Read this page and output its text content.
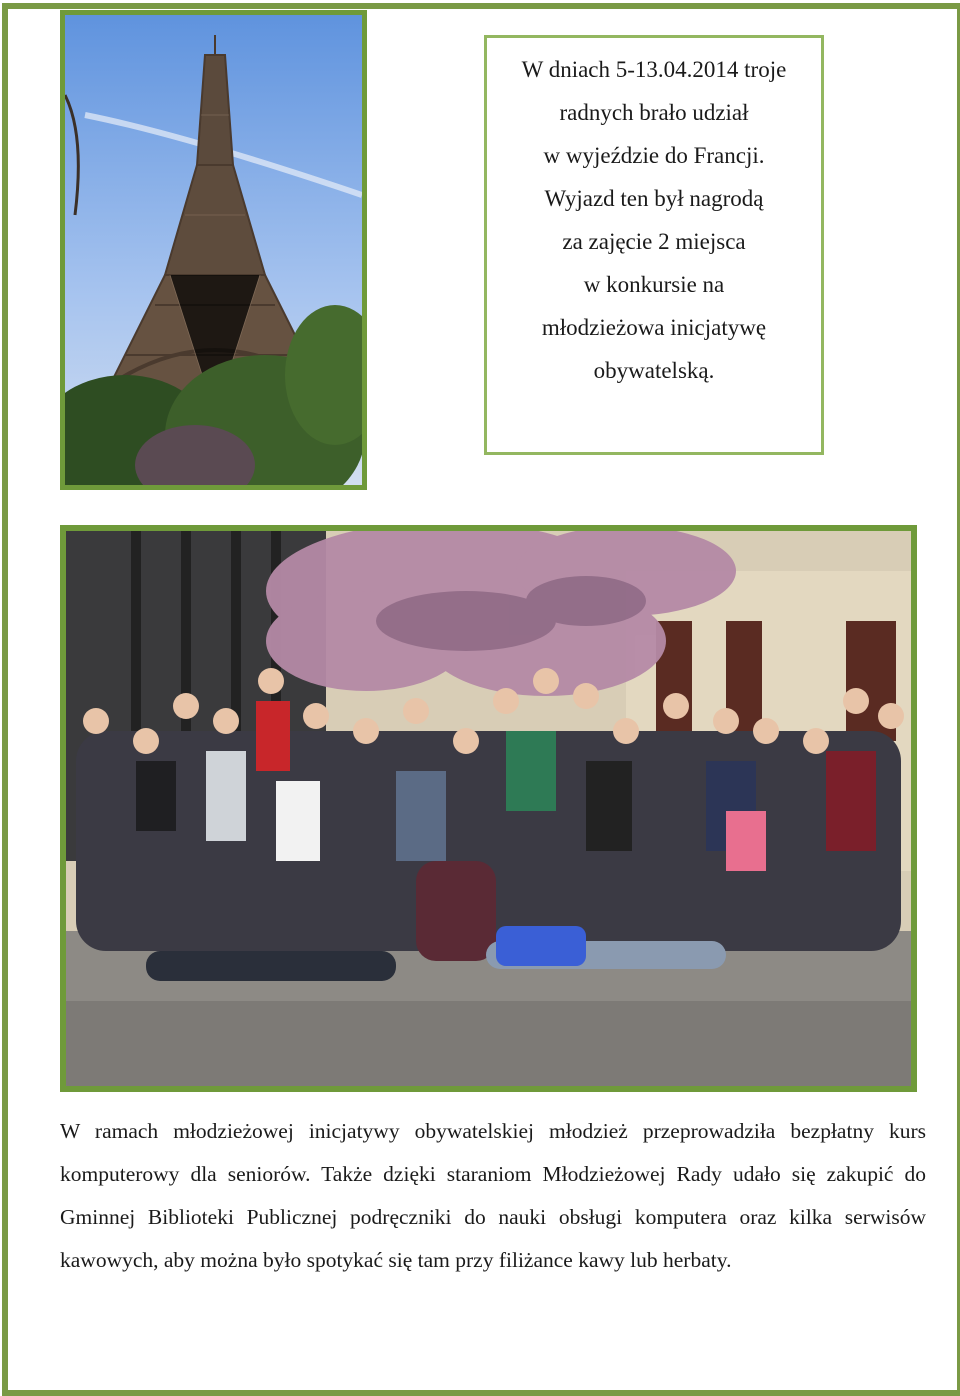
W dniach 5-13.04.2014 troje
radnych brało udział
w wyjeździe do Francji.
Wyjazd ten był nagrodą
za zajęcie 2 miejsca
w konkursie na
młodzieżowa inicjatywę
obywatelską.

W ramach młodzieżowej inicjatywy obywatelskiej młodzież przeprowadziła bezpłatny kurs komputerowy dla seniorów. Także dzięki staraniom Młodzieżowej Rady udało się zakupić do Gminnej Biblioteki Publicznej podręczniki do nauki obsługi komputera oraz kilka serwisów kawowych, aby można było spotykać się tam przy filiżance kawy lub herbaty.
